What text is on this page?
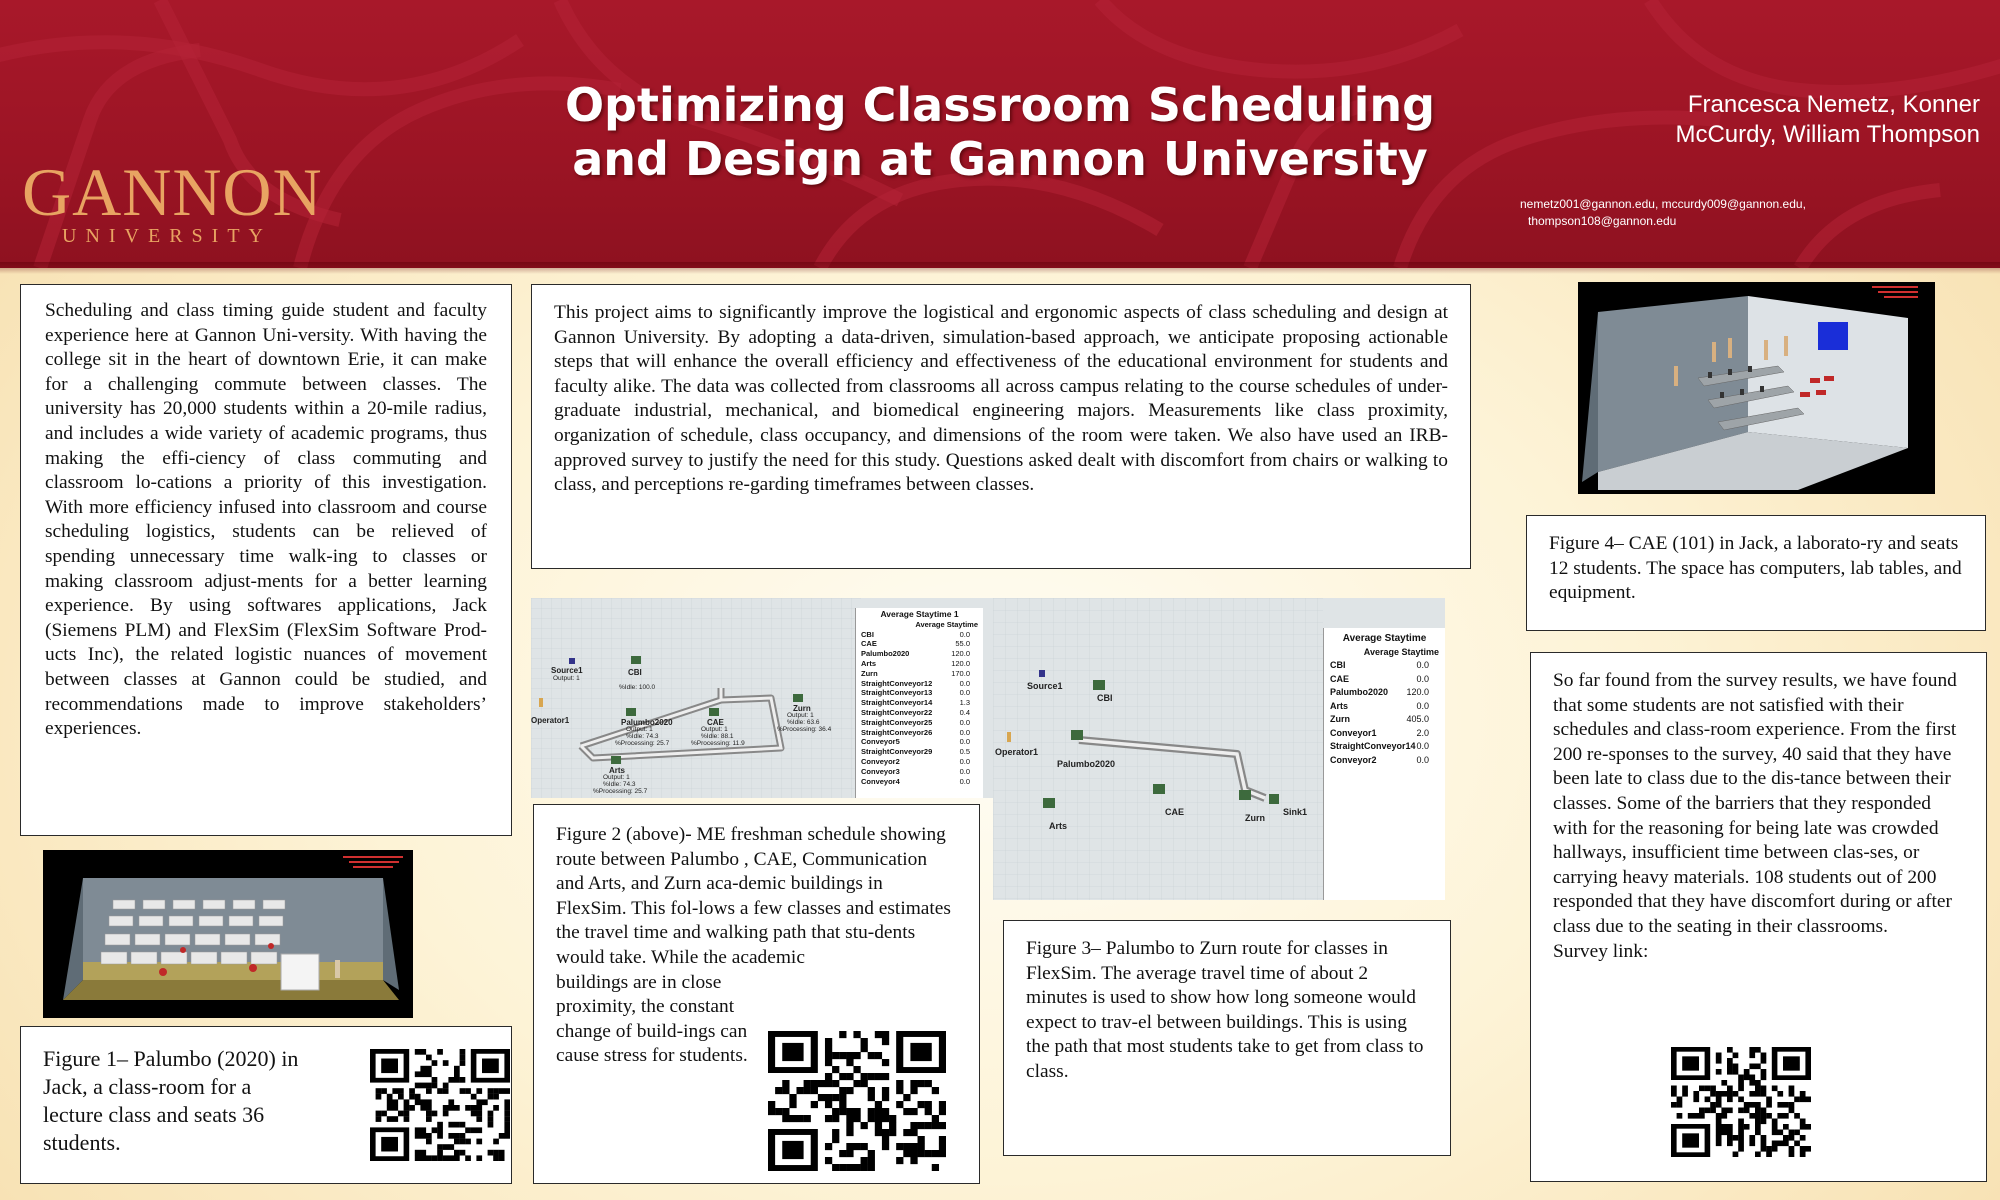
GANNON
UNIVERSITY
Optimizing Classroom Scheduling
and Design at Gannon University
Francesca Nemetz, Konner McCurdy, William Thompson
nemetz001@gannon.edu, mccurdy009@gannon.edu,
thompson108@gannon.edu

Scheduling and class timing guide student and faculty experience here at Gannon Uni-versity. With having the college sit in the heart of downtown Erie, it can make for a challenging commute between classes. The university has 20,000 students within a 20-mile radius, and includes a wide variety of academic programs, thus making the effi-ciency of class commuting and classroom lo-cations a priority of this investigation. With more efficiency infused into classroom and course scheduling logistics, students can be relieved of spending unnecessary time walk-ing to classes or making classroom adjust-ments for a better learning experience. By using softwares applications, Jack (Siemens PLM) and FlexSim (FlexSim Software Prod-ucts Inc), the related logistic nuances of movement between classes at Gannon could be studied, and recommendations made to improve stakeholders’ experiences.

Figure 1– Palumbo (2020) in Jack, a class-room for a lecture class and seats 36 students.

This project aims to significantly improve the logistical and ergonomic aspects of class scheduling and design at Gannon University. By adopting a data-driven, simulation-based approach, we anticipate proposing actionable steps that will enhance the overall efficiency and effectiveness of the educational environment for students and faculty alike. The data was collected from classrooms all across campus relating to the course schedules of under-graduate industrial, mechanical, and biomedical engineering majors. Measurements like class proximity, organization of schedule, class occupancy, and dimensions of the room were taken. We also have used an IRB-approved survey to justify the need for this study. Questions asked dealt with discomfort from chairs or walking to class, and perceptions re-garding timeframes between classes.

Source1
Output: 1
Operator1
CBI
%Idle: 100.0
Palumbo2020
Output: 1
%Idle: 74.3
%Processing: 25.7
CAE
Output: 1
%Idle: 88.1
%Processing: 11.9
Zurn
Output: 1
%Idle: 63.6
%Processing: 36.4
Arts
Output: 1
%Idle: 74.3
%Processing: 25.7
Average Staytime 1
Average Staytime
CBI	0.0
CAE	55.0
Palumbo2020	120.0
Arts	120.0
Zurn	170.0
StraightConveyor12	0.0
StraightConveyor13	0.0
StraightConveyor14	1.3
StraightConveyor22	0.4
StraightConveyor25	0.0
StraightConveyor26	0.0
Conveyor5	0.0
StraightConveyor29	0.5
Conveyor2	0.0
Conveyor3	0.0
Conveyor4	0.0

Figure 2 (above)- ME freshman schedule showing route between Palumbo , CAE, Communication and Arts, and Zurn aca-demic buildings in FlexSim. This fol-lows a few classes and estimates the travel time and walking path that stu-dents would take. While the academic

buildings are in close proximity, the constant change of build-ings can cause stress for students.

Source1
Operator1
CBI
Palumbo2020
Arts
CAE
Zurn
Sink1
Average Staytime
Average Staytime
CBI	0.0
CAE	0.0
Palumbo2020 120.0
Arts	0.0
Zurn	405.0
Conveyor1	2.0
StraightConveyor14 0.0
Conveyor2	0.0

Figure 3– Palumbo to Zurn route for classes in FlexSim. The average travel time of about 2 minutes is used to show how long someone would expect to trav-el between buildings. This is using the path that most students take to get from class to class.

Figure 4– CAE (101) in Jack, a laborato-ry and seats 12 students. The space has computers, lab tables, and equipment.

So far found from the survey results, we have found that some students are not satisfied with their schedules and class-room experience. From the first 200 re-sponses to the survey, 40 said that they have been late to class due to the dis-tance between their classes. Some of the barriers that they responded with for the reasoning for being late was crowded hallways, insufficient time between clas-ses, or carrying heavy materials. 108 students out of 200 responded that they have discomfort during or after class due to the seating in their classrooms.

Survey link:
